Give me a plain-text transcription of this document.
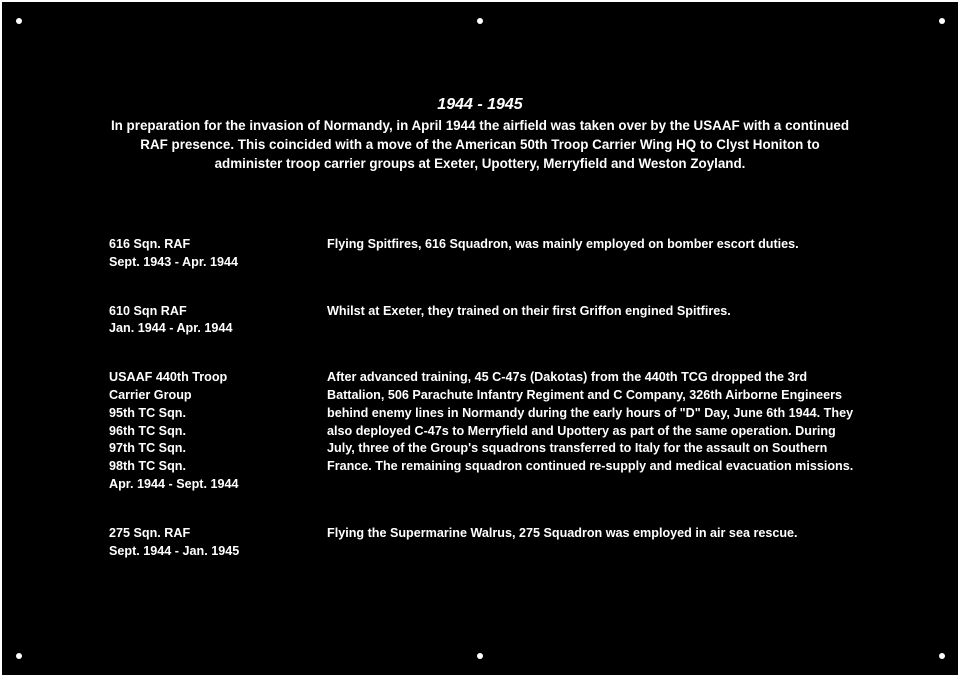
1944 - 1945
In preparation for the invasion of Normandy, in April 1944 the airfield was taken over by the USAAF with a continued RAF presence. This coincided with a move of the American 50th Troop Carrier Wing HQ to Clyst Honiton to administer troop carrier groups at Exeter, Upottery, Merryfield and Weston Zoyland.
616 Sqn. RAF
Sept. 1943 - Apr. 1944
Flying Spitfires, 616 Squadron, was mainly employed on bomber escort duties.
610 Sqn RAF
Jan. 1944 - Apr. 1944
Whilst at Exeter, they trained on their first Griffon engined Spitfires.
USAAF 440th Troop
Carrier Group
95th TC Sqn.
96th TC Sqn.
97th TC Sqn.
98th TC Sqn.
Apr. 1944 - Sept. 1944
After advanced training, 45 C-47s (Dakotas) from the 440th TCG dropped the 3rd Battalion, 506 Parachute Infantry Regiment and C Company, 326th Airborne Engineers behind enemy lines in Normandy during the early hours of "D" Day, June 6th 1944. They also deployed C-47s to Merryfield and Upottery as part of the same operation. During July, three of the Group's squadrons transferred to Italy for the assault on Southern France. The remaining squadron continued re-supply and medical evacuation missions.
275 Sqn. RAF
Sept. 1944 - Jan. 1945
Flying the Supermarine Walrus, 275 Squadron was employed in air sea rescue.
